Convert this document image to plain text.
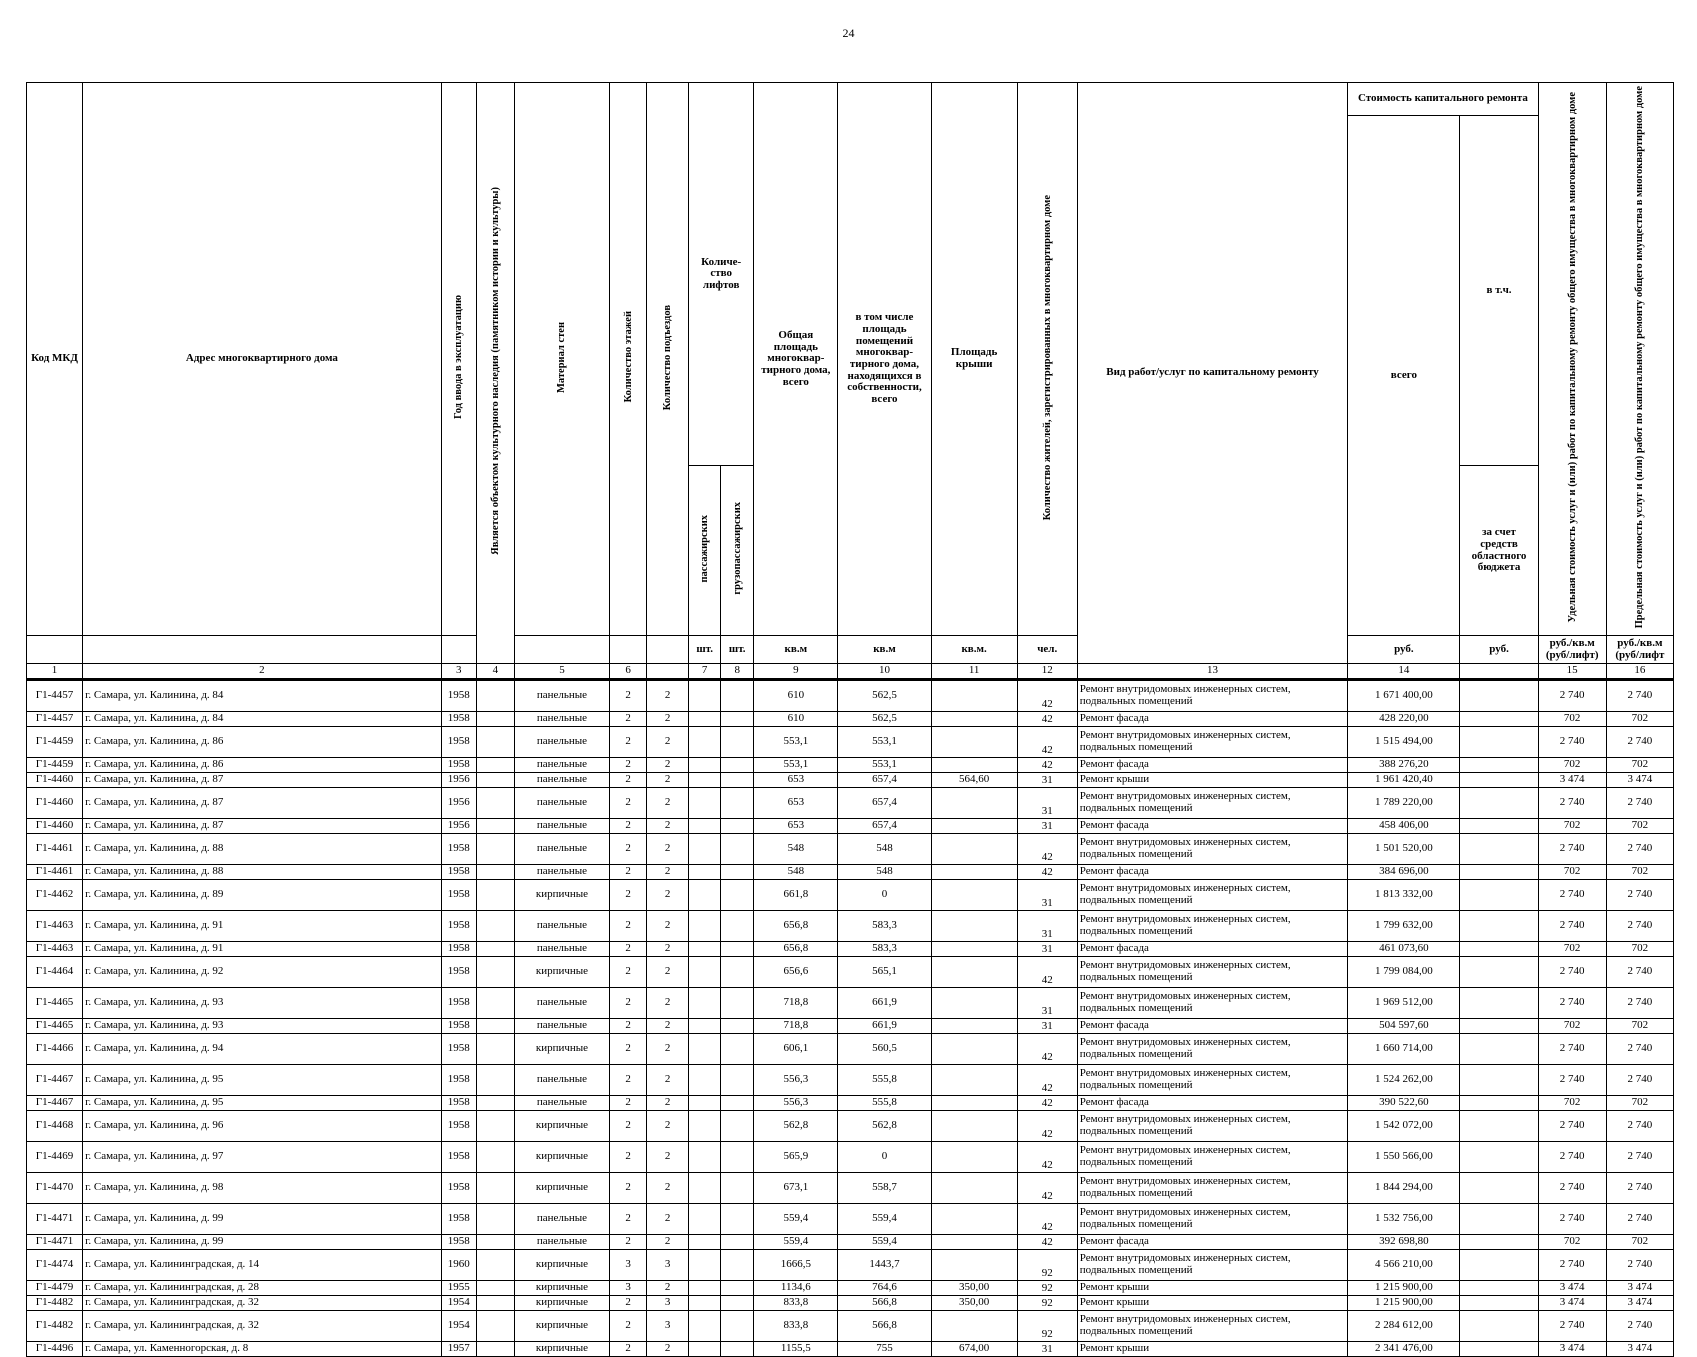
24
Код МКД	Адрес многоквартирного дома	Год ввода в эксплуатацию	Является объектом культурного наследия (памятником истории и культуры)	Материал стен	Количество этажей	Количество подъездов	Количе-ство лифтов		Общая площадь многоквар-тирного дома, всего	в том числе площадь помещений многоквар-тирного дома, находящихся в собственности, всего	Площадь крыши	Количество жителей, зарегистрированных в многоквартирном доме	Вид работ/услуг по капитальному ремонту	Стоимость капитального ремонта		Удельная стоимость услуг и (или) работ по капитальному ремонту общего имущества в многоквартирном доме	Предельная стоимость услуг и (или) работ по капитальному ремонту общего имущества в многоквартирном доме
														всего	в т.ч.		
							пассажирских	грузопассажирских							за счет средств областного бюджета		
							шт.	шт.	кв.м	кв.м	кв.м.	чел.		руб.	руб.	руб./кв.м (руб/лифт)	руб./кв.м (руб/лифт
1	2	3	4	5	6		7	8	9	10	11	12	13	14		15	16
Г1-4457	г. Самара, ул. Калинина, д. 84	1958		панельные	2	2			610	562,5		42	Ремонт внутридомовых инженерных систем, подвальных помещений	1 671 400,00		2 740	2 740
Г1-4457	г. Самара, ул. Калинина, д. 84	1958		панельные	2	2			610	562,5		42	Ремонт фасада	428 220,00		702	702
Г1-4459	г. Самара, ул. Калинина, д. 86	1958		панельные	2	2			553,1	553,1		42	Ремонт внутридомовых инженерных систем, подвальных помещений	1 515 494,00		2 740	2 740
Г1-4459	г. Самара, ул. Калинина, д. 86	1958		панельные	2	2			553,1	553,1		42	Ремонт фасада	388 276,20		702	702
Г1-4460	г. Самара, ул. Калинина, д. 87	1956		панельные	2	2			653	657,4	564,60	31	Ремонт крыши	1 961 420,40		3 474	3 474
Г1-4460	г. Самара, ул. Калинина, д. 87	1956		панельные	2	2			653	657,4		31	Ремонт внутридомовых инженерных систем, подвальных помещений	1 789 220,00		2 740	2 740
Г1-4460	г. Самара, ул. Калинина, д. 87	1956		панельные	2	2			653	657,4		31	Ремонт фасада	458 406,00		702	702
Г1-4461	г. Самара, ул. Калинина, д. 88	1958		панельные	2	2			548	548		42	Ремонт внутридомовых инженерных систем, подвальных помещений	1 501 520,00		2 740	2 740
Г1-4461	г. Самара, ул. Калинина, д. 88	1958		панельные	2	2			548	548		42	Ремонт фасада	384 696,00		702	702
Г1-4462	г. Самара, ул. Калинина, д. 89	1958		кирпичные	2	2			661,8	0		31	Ремонт внутридомовых инженерных систем, подвальных помещений	1 813 332,00		2 740	2 740
Г1-4463	г. Самара, ул. Калинина, д. 91	1958		панельные	2	2			656,8	583,3		31	Ремонт внутридомовых инженерных систем, подвальных помещений	1 799 632,00		2 740	2 740
Г1-4463	г. Самара, ул. Калинина, д. 91	1958		панельные	2	2			656,8	583,3		31	Ремонт фасада	461 073,60		702	702
Г1-4464	г. Самара, ул. Калинина, д. 92	1958		кирпичные	2	2			656,6	565,1		42	Ремонт внутридомовых инженерных систем, подвальных помещений	1 799 084,00		2 740	2 740
Г1-4465	г. Самара, ул. Калинина, д. 93	1958		панельные	2	2			718,8	661,9		31	Ремонт внутридомовых инженерных систем, подвальных помещений	1 969 512,00		2 740	2 740
Г1-4465	г. Самара, ул. Калинина, д. 93	1958		панельные	2	2			718,8	661,9		31	Ремонт фасада	504 597,60		702	702
Г1-4466	г. Самара, ул. Калинина, д. 94	1958		кирпичные	2	2			606,1	560,5		42	Ремонт внутридомовых инженерных систем, подвальных помещений	1 660 714,00		2 740	2 740
Г1-4467	г. Самара, ул. Калинина, д. 95	1958		панельные	2	2			556,3	555,8		42	Ремонт внутридомовых инженерных систем, подвальных помещений	1 524 262,00		2 740	2 740
Г1-4467	г. Самара, ул. Калинина, д. 95	1958		панельные	2	2			556,3	555,8		42	Ремонт фасада	390 522,60		702	702
Г1-4468	г. Самара, ул. Калинина, д. 96	1958		кирпичные	2	2			562,8	562,8		42	Ремонт внутридомовых инженерных систем, подвальных помещений	1 542 072,00		2 740	2 740
Г1-4469	г. Самара, ул. Калинина, д. 97	1958		кирпичные	2	2			565,9	0		42	Ремонт внутридомовых инженерных систем, подвальных помещений	1 550 566,00		2 740	2 740
Г1-4470	г. Самара, ул. Калинина, д. 98	1958		кирпичные	2	2			673,1	558,7		42	Ремонт внутридомовых инженерных систем, подвальных помещений	1 844 294,00		2 740	2 740
Г1-4471	г. Самара, ул. Калинина, д. 99	1958		панельные	2	2			559,4	559,4		42	Ремонт внутридомовых инженерных систем, подвальных помещений	1 532 756,00		2 740	2 740
Г1-4471	г. Самара, ул. Калинина, д. 99	1958		панельные	2	2			559,4	559,4		42	Ремонт фасада	392 698,80		702	702
Г1-4474	г. Самара, ул. Калининградская, д. 14	1960		кирпичные	3	3			1666,5	1443,7		92	Ремонт внутридомовых инженерных систем, подвальных помещений	4 566 210,00		2 740	2 740
Г1-4479	г. Самара, ул. Калининградская, д. 28	1955		кирпичные	3	2			1134,6	764,6	350,00	92	Ремонт крыши	1 215 900,00		3 474	3 474
Г1-4482	г. Самара, ул. Калининградская, д. 32	1954		кирпичные	2	3			833,8	566,8	350,00	92	Ремонт крыши	1 215 900,00		3 474	3 474
Г1-4482	г. Самара, ул. Калининградская, д. 32	1954		кирпичные	2	3			833,8	566,8		92	Ремонт внутридомовых инженерных систем, подвальных помещений	2 284 612,00		2 740	2 740
Г1-4496	г. Самара, ул. Каменногорская, д. 8	1957		кирпичные	2	2			1155,5	755	674,00	31	Ремонт крыши	2 341 476,00		3 474	3 474
